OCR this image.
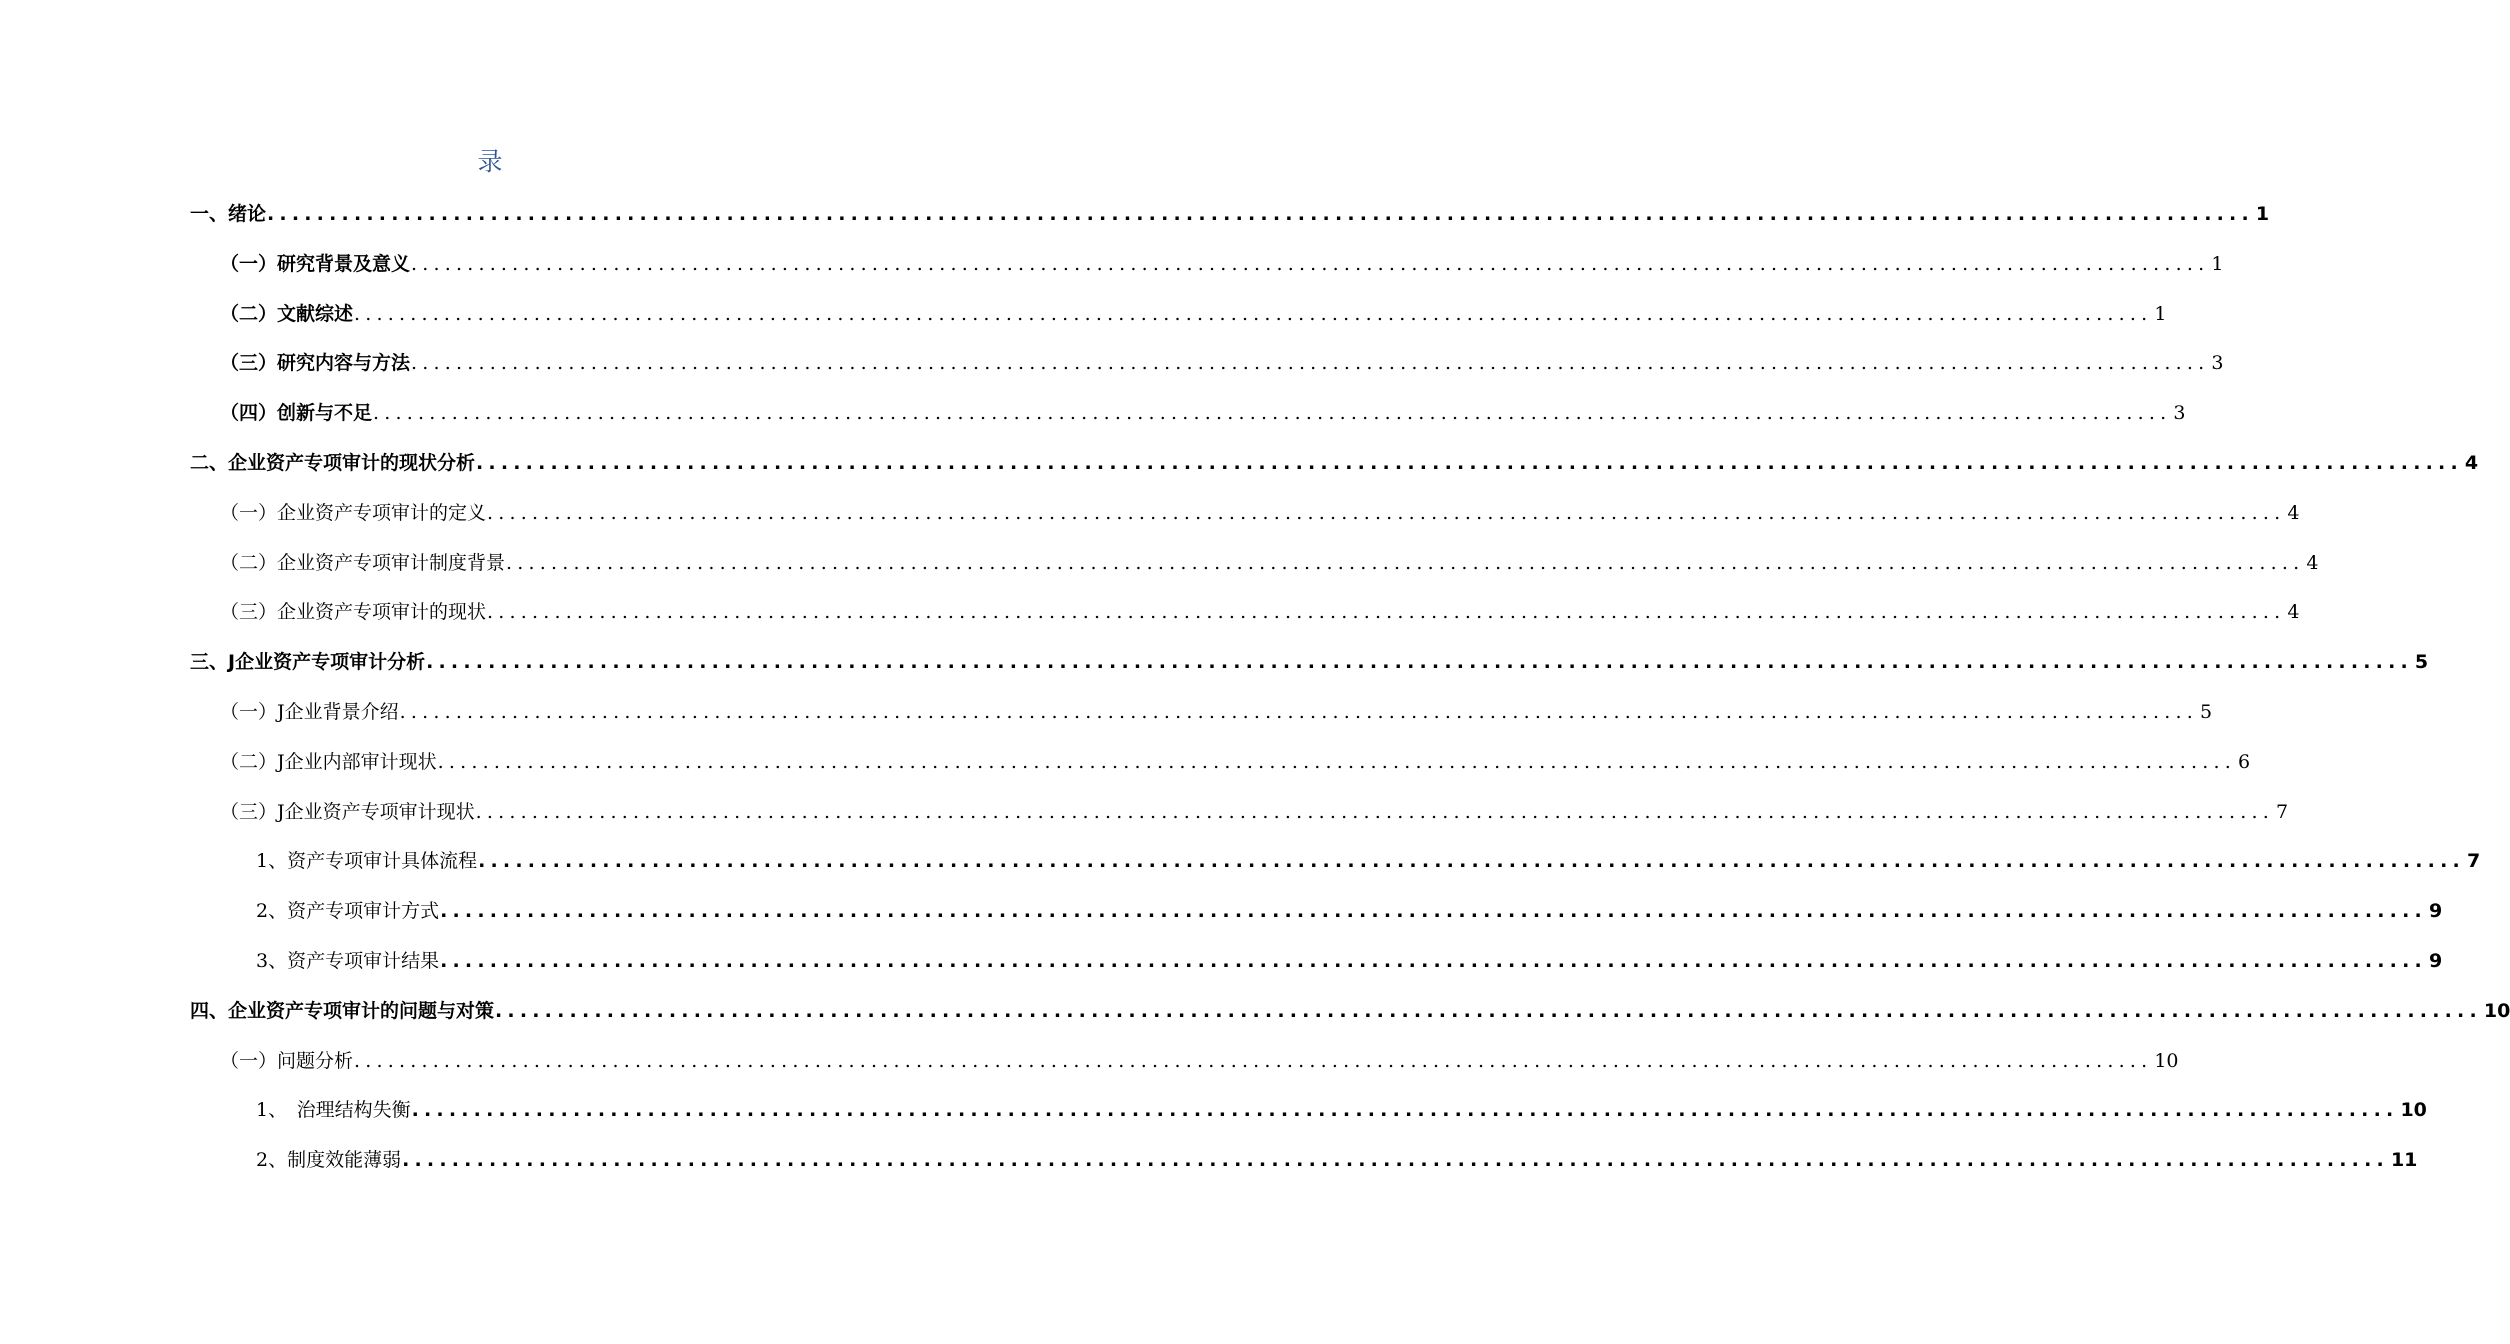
录
一、绪论 ................................................................................................................................................................ 1
（一）研究背景及意义 ................................................................................................................................................................ 1
（二）文献综述 ................................................................................................................................................................ 1
（三）研究内容与方法 ................................................................................................................................................................ 3
（四）创新与不足 ................................................................................................................................................................ 3
二、企业资产专项审计的现状分析 ................................................................................................................................................................ 4
（一）企业资产专项审计的定义 ................................................................................................................................................................ 4
（二）企业资产专项审计制度背景 ................................................................................................................................................................ 4
（三）企业资产专项审计的现状 ................................................................................................................................................................ 4
三、J企业资产专项审计分析 ................................................................................................................................................................ 5
（一）J企业背景介绍 ................................................................................................................................................................ 5
（二）J企业内部审计现状 ................................................................................................................................................................ 6
（三）J企业资产专项审计现状 ................................................................................................................................................................ 7
1、资产专项审计具体流程 ................................................................................................................................................................ 7
2、资产专项审计方式 ................................................................................................................................................................ 9
3、资产专项审计结果 ................................................................................................................................................................ 9
四、企业资产专项审计的问题与对策 ................................................................................................................................................................ 10
（一）问题分析 ................................................................................................................................................................ 10
1、　治理结构失衡 ................................................................................................................................................................ 10
2、制度效能薄弱 ................................................................................................................................................................ 11
